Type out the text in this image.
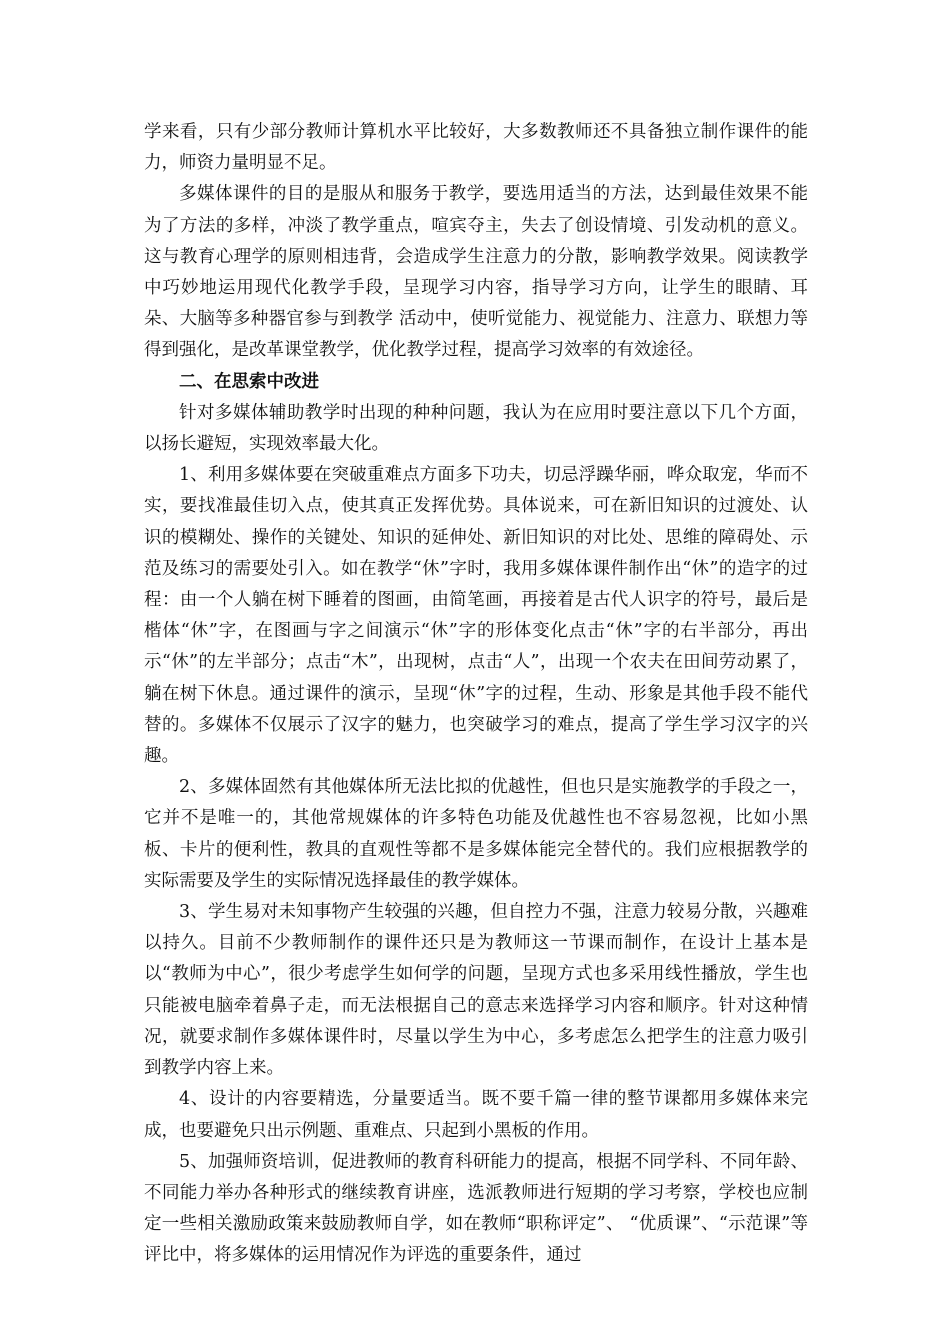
学来看，只有少部分教师计算机水平比较好，大多数教师还不具备独立制作课件的能力，师资力量明显不足。

多媒体课件的目的是服从和服务于教学，要选用适当的方法，达到最佳效果不能为了方法的多样，冲淡了教学重点，喧宾夺主，失去了创设情境、引发动机的意义。这与教育心理学的原则相违背，会造成学生注意力的分散，影响教学效果。阅读教学中巧妙地运用现代化教学手段，呈现学习内容，指导学习方向，让学生的眼睛、耳朵、大脑等多种器官参与到教学 活动中，使听觉能力、视觉能力、注意力、联想力等得到强化，是改革课堂教学，优化教学过程，提高学习效率的有效途径。

二、在思索中改进

针对多媒体辅助教学时出现的种种问题，我认为在应用时要注意以下几个方面，以扬长避短，实现效率最大化。

1、利用多媒体要在突破重难点方面多下功夫，切忌浮躁华丽，哗众取宠，华而不实，要找准最佳切入点，使其真正发挥优势。具体说来，可在新旧知识的过渡处、认识的模糊处、操作的关键处、知识的延伸处、新旧知识的对比处、思维的障碍处、示范及练习的需要处引入。如在教学“休”字时，我用多媒体课件制作出“休”的造字的过程：由一个人躺在树下睡着的图画，由简笔画，再接着是古代人识字的符号，最后是楷体“休”字，在图画与字之间演示“休”字的形体变化点击“休”字的右半部分，再出示“休”的左半部分；点击“木”，出现树，点击“人”，出现一个农夫在田间劳动累了，躺在树下休息。通过课件的演示，呈现“休”字的过程，生动、形象是其他手段不能代替的。多媒体不仅展示了汉字的魅力，也突破学习的难点，提高了学生学习汉字的兴趣。

2、多媒体固然有其他媒体所无法比拟的优越性，但也只是实施教学的手段之一，它并不是唯一的，其他常规媒体的许多特色功能及优越性也不容易忽视，比如小黑板、卡片的便利性，教具的直观性等都不是多媒体能完全替代的。我们应根据教学的实际需要及学生的实际情况选择最佳的教学媒体。

3、学生易对未知事物产生较强的兴趣，但自控力不强，注意力较易分散，兴趣难以持久。目前不少教师制作的课件还只是为教师这一节课而制作，在设计上基本是以“教师为中心”，很少考虑学生如何学的问题，呈现方式也多采用线性播放，学生也只能被电脑牵着鼻子走，而无法根据自己的意志来选择学习内容和顺序。针对这种情况，就要求制作多媒体课件时，尽量以学生为中心，多考虑怎么把学生的注意力吸引到教学内容上来。

4、设计的内容要精选，分量要适当。既不要千篇一律的整节课都用多媒体来完成，也要避免只出示例题、重难点、只起到小黑板的作用。

5、加强师资培训，促进教师的教育科研能力的提高，根据不同学科、不同年龄、不同能力举办各种形式的继续教育讲座，选派教师进行短期的学习考察，学校也应制定一些相关激励政策来鼓励教师自学，如在教师“职称评定”、 “优质课”、“示范课”等评比中，将多媒体的运用情况作为评选的重要条件，通过
